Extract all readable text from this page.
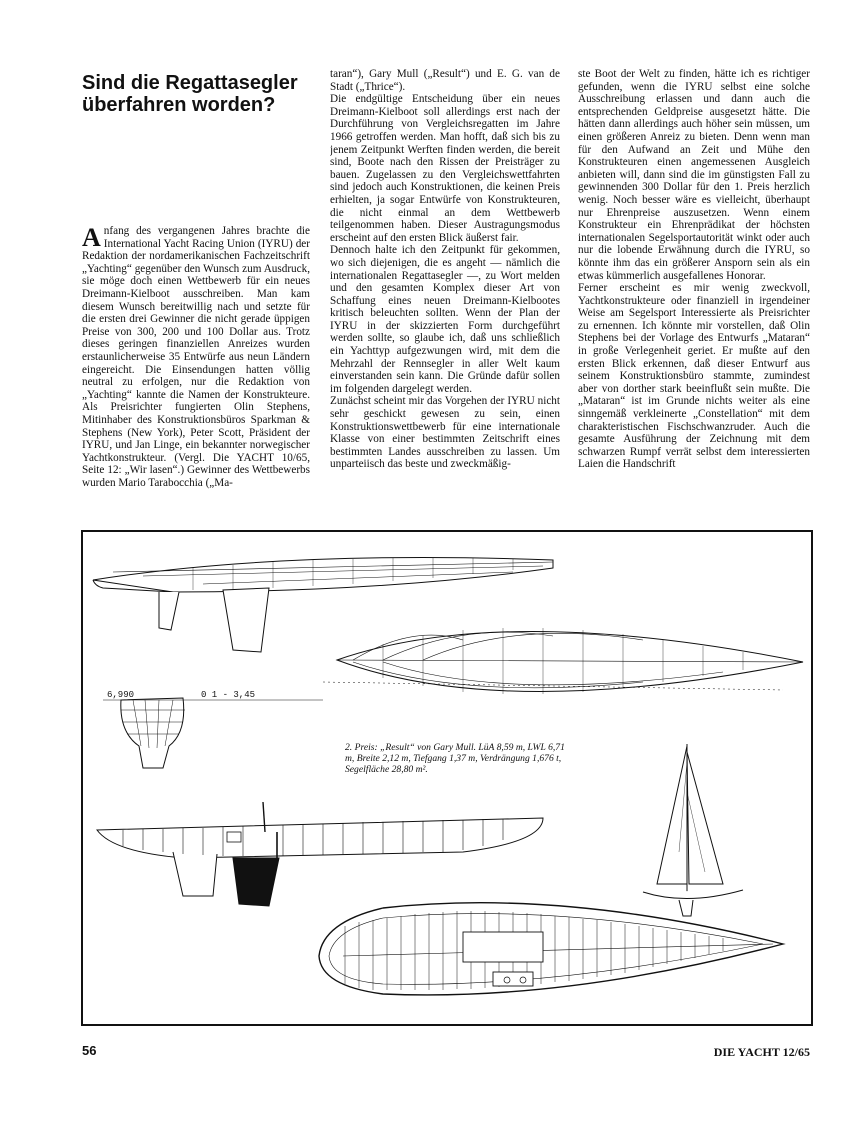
Sind die Regattasegler überfahren worden?

Anfang des vergangenen Jahres brachte die International Yacht Racing Union (IYRU) der Redaktion der nordamerikanischen Fachzeitschrift „Yachting“ gegenüber den Wunsch zum Ausdruck, sie möge doch einen Wettbewerb für ein neues Dreimann-Kielboot ausschreiben. Man kam diesem Wunsch bereitwillig nach und setzte für die ersten drei Gewinner die nicht gerade üppigen Preise von 300, 200 und 100 Dollar aus. Trotz dieses geringen finanziellen Anreizes wurden erstaunlicherweise 35 Entwürfe aus neun Ländern eingereicht. Die Einsendungen hatten völlig neutral zu erfolgen, nur die Redaktion von „Yachting“ kannte die Namen der Konstrukteure. Als Preisrichter fungierten Olin Stephens, Mitinhaber des Konstruktionsbüros Sparkman & Stephens (New York), Peter Scott, Präsident der IYRU, und Jan Linge, ein bekannter norwegischer Yachtkonstrukteur. (Vergl. Die YACHT 10/65, Seite 12: „Wir lasen“.) Gewinner des Wettbewerbs wurden Mario Tarabocchia („Ma-

taran“), Gary Mull („Result“) und E. G. van de Stadt („Thrice“).

Die endgültige Entscheidung über ein neues Dreimann-Kielboot soll allerdings erst nach der Durchführung von Vergleichsregatten im Jahre 1966 getroffen werden. Man hofft, daß sich bis zu jenem Zeitpunkt Werften finden werden, die bereit sind, Boote nach den Rissen der Preisträger zu bauen. Zugelassen zu den Vergleichswettfahrten sind jedoch auch Konstruktionen, die keinen Preis erhielten, ja sogar Entwürfe von Konstrukteuren, die nicht einmal an dem Wettbewerb teilgenommen haben. Dieser Austragungsmodus erscheint auf den ersten Blick äußerst fair.

Dennoch halte ich den Zeitpunkt für gekommen, wo sich diejenigen, die es angeht — nämlich die internationalen Regattasegler —, zu Wort melden und den gesamten Komplex dieser Art von Schaffung eines neuen Dreimann-Kielbootes kritisch beleuchten sollten. Wenn der Plan der IYRU in der skizzierten Form durchgeführt werden sollte, so glaube ich, daß uns schließlich ein Yachttyp aufgezwungen wird, mit dem die Mehrzahl der Rennsegler in aller Welt kaum einverstanden sein kann. Die Gründe dafür sollen im folgenden dargelegt werden.

Zunächst scheint mir das Vorgehen der IYRU nicht sehr geschickt gewesen zu sein, einen Konstruktionswettbewerb für eine internationale Klasse von einer bestimmten Zeitschrift eines bestimmten Landes ausschreiben zu lassen. Um unparteiisch das beste und zweckmäßig-

ste Boot der Welt zu finden, hätte ich es richtiger gefunden, wenn die IYRU selbst eine solche Ausschreibung erlassen und dann auch die entsprechenden Geldpreise ausgesetzt hätte. Die hätten dann allerdings auch höher sein müssen, um einen größeren Anreiz zu bieten. Denn wenn man für den Aufwand an Zeit und Mühe den Konstrukteuren einen angemessenen Ausgleich anbieten will, dann sind die im günstigsten Fall zu gewinnenden 300 Dollar für den 1. Preis herzlich wenig. Noch besser wäre es vielleicht, überhaupt nur Ehrenpreise auszusetzen. Wenn einem Konstrukteur ein Ehrenprädikat der höchsten internationalen Segelsportautorität winkt oder auch nur die lobende Erwähnung durch die IYRU, so könnte ihm das ein größerer Ansporn sein als ein etwas kümmerlich ausgefallenes Honorar.

Ferner erscheint es mir wenig zweckvoll, Yachtkonstrukteure oder finanziell in irgendeiner Weise am Segelsport Interessierte als Preisrichter zu ernennen. Ich könnte mir vorstellen, daß Olin Stephens bei der Vorlage des Entwurfs „Mataran“ in große Verlegenheit geriet. Er mußte auf den ersten Blick erkennen, daß dieser Entwurf aus seinem Konstruktionsbüro stammte, zumindest aber von dorther stark beeinflußt sein mußte. Die „Mataran“ ist im Grunde nichts weiter als eine sinngemäß verkleinerte „Constellation“ mit dem charakteristischen Fischschwanzruder. Auch die gesamte Ausführung der Zeichnung mit dem schwarzen Rumpf verrät selbst dem interessierten Laien die Handschrift

6,990	0 1 - 3,45

2. Preis: „Result“ von Gary Mull. LüA 8,59 m, LWL 6,71 m, Breite 2,12 m, Tiefgang 1,37 m, Verdrängung 1,676 t, Segelfläche 28,80 m².

56	DIE YACHT 12/65
